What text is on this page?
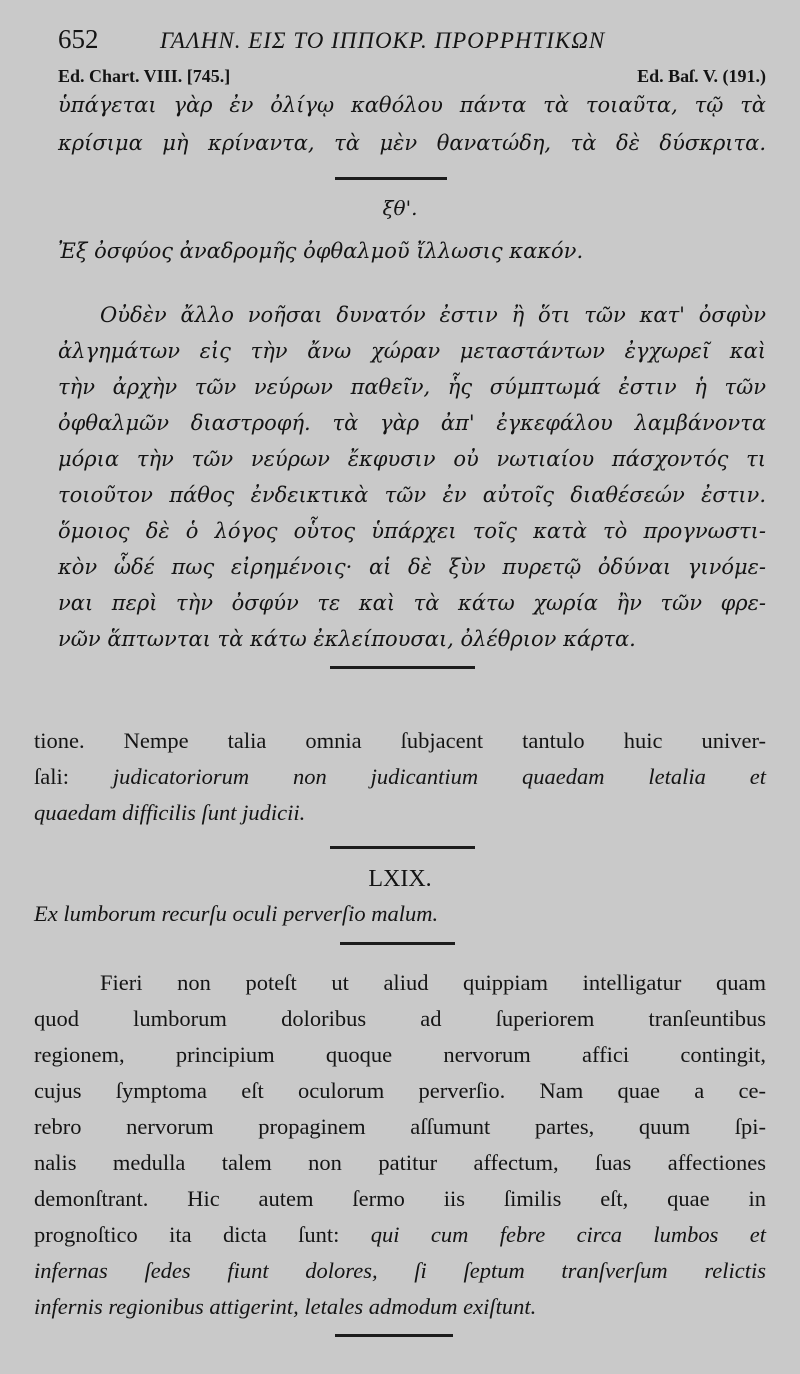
652	ΓΑΛΗΝ. ΕΙΣ ΤΟ ΙΠΠΟΚΡ. ΠΡΟΡΡΗΤΙΚΩΝ
Ed. Chart. VIII. [745.]	Ed. Baſ. V. (191.)
ὑπάγεται γὰρ ἐν ὀλίγῳ καθόλου πάντα τὰ τοιαῦτα, τῷ τὰ
κρίσιμα μὴ κρίναντα, τὰ μὲν θανατώδη, τὰ δὲ δύσκριτα.
ξθ'.
Ἐξ ὀσφύος ἀναδρομῆς ὀφθαλμοῦ ἴλλωσις κακόν.
Οὐδὲν ἄλλο νοῆσαι δυνατόν ἐστιν ἢ ὅτι τῶν κατ' ὀσφὺν
ἀλγημάτων εἰς τὴν ἄνω χώραν μεταστάντων ἐγχωρεῖ καὶ
τὴν ἀρχὴν τῶν νεύρων παθεῖν, ἧς σύμπτωμά ἐστιν ἡ τῶν
ὀφθαλμῶν διαστροφή. τὰ γὰρ ἀπ' ἐγκεφάλου λαμβάνοντα
μόρια τὴν τῶν νεύρων ἔκφυσιν οὐ νωτιαίου πάσχοντός τι
τοιοῦτον πάθος ἐνδεικτικὰ τῶν ἐν αὐτοῖς διαθέσεών ἐστιν.
ὅμοιος δὲ ὁ λόγος οὗτος ὑπάρχει τοῖς κατὰ τὸ προγνωστι-
κὸν ὧδέ πως εἰρημένοις· αἱ δὲ ξὺν πυρετῷ ὀδύναι γινόμε-
ναι περὶ τὴν ὀσφύν τε καὶ τὰ κάτω χωρία ἢν τῶν φρε-
νῶν ἅπτωνται τὰ κάτω ἐκλείπουσαι, ὀλέθριον κάρτα.
tione. Nempe talia omnia ſubjacent tantulo huic univer-
ſali: judicatoriorum non judicantium quaedam letalia et
quaedam difficilis ſunt judicii.
LXIX.
Ex lumborum recurſu oculi perverſio malum.
Fieri non poteſt ut aliud quippiam intelligatur quam
quod lumborum doloribus ad ſuperiorem tranſeuntibus
regionem, principium quoque nervorum affici contingit,
cujus ſymptoma eſt oculorum perverſio. Nam quae a ce-
rebro nervorum propaginem aſſumunt partes, quum ſpi-
nalis medulla talem non patitur affectum, ſuas affectiones
demonſtrant. Hic autem ſermo iis ſimilis eſt, quae in
prognoſtico ita dicta ſunt: qui cum febre circa lumbos et
infernas ſedes fiunt dolores, ſi ſeptum tranſverſum relictis
infernis regionibus attigerint, letales admodum exiſtunt.
